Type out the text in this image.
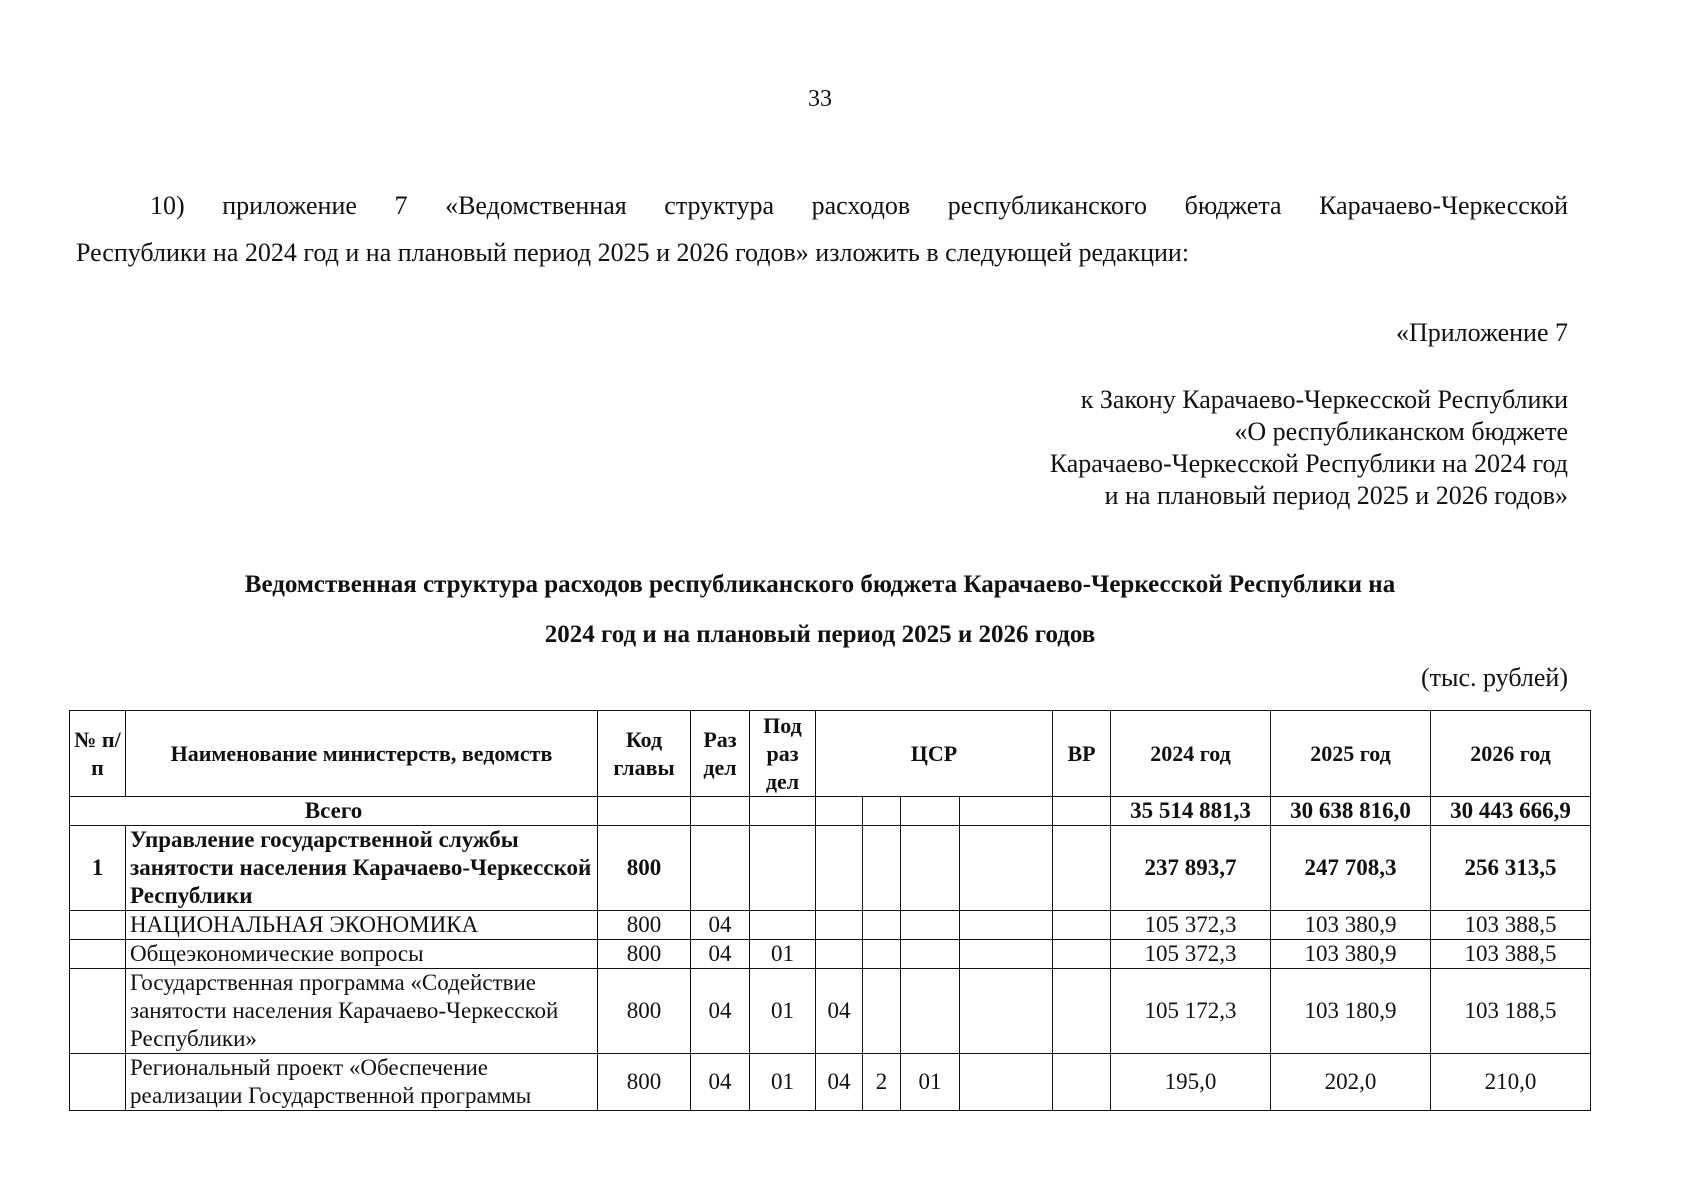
33
10) приложение 7 «Ведомственная структура расходов республиканского бюджета Карачаево-Черкесской
Республики на 2024 год и на плановый период 2025 и 2026 годов» изложить в следующей редакции:
«Приложение 7
к Закону Карачаево-Черкесской Республики
«О республиканском бюджете
Карачаево-Черкесской Республики на 2024 год
и на плановый период 2025 и 2026 годов»
Ведомственная структура расходов республиканского бюджета Карачаево-Черкесской Республики на
2024 год и на плановый период 2025 и 2026 годов
(тыс. рублей)
№ п/п	Наименование министерств, ведомств	Код главы	Раз дел	Под раз дел	ЦСР				ВР	2024 год	2025 год	2026 год
Всего										35 514 881,3	30 638 816,0	30 443 666,9
1	Управление государственной службы занятости населения Карачаево-Черкесской Республики	800								237 893,7	247 708,3	256 313,5
	НАЦИОНАЛЬНАЯ ЭКОНОМИКА	800	04							105 372,3	103 380,9	103 388,5
	Общеэкономические вопросы	800	04	01						105 372,3	103 380,9	103 388,5
	Государственная программа «Содействие занятости населения Карачаево-Черкесской Республики»	800	04	01	04					105 172,3	103 180,9	103 188,5
	Региональный проект «Обеспечение реализации Государственной программы	800	04	01	04	2	01			195,0	202,0	210,0
